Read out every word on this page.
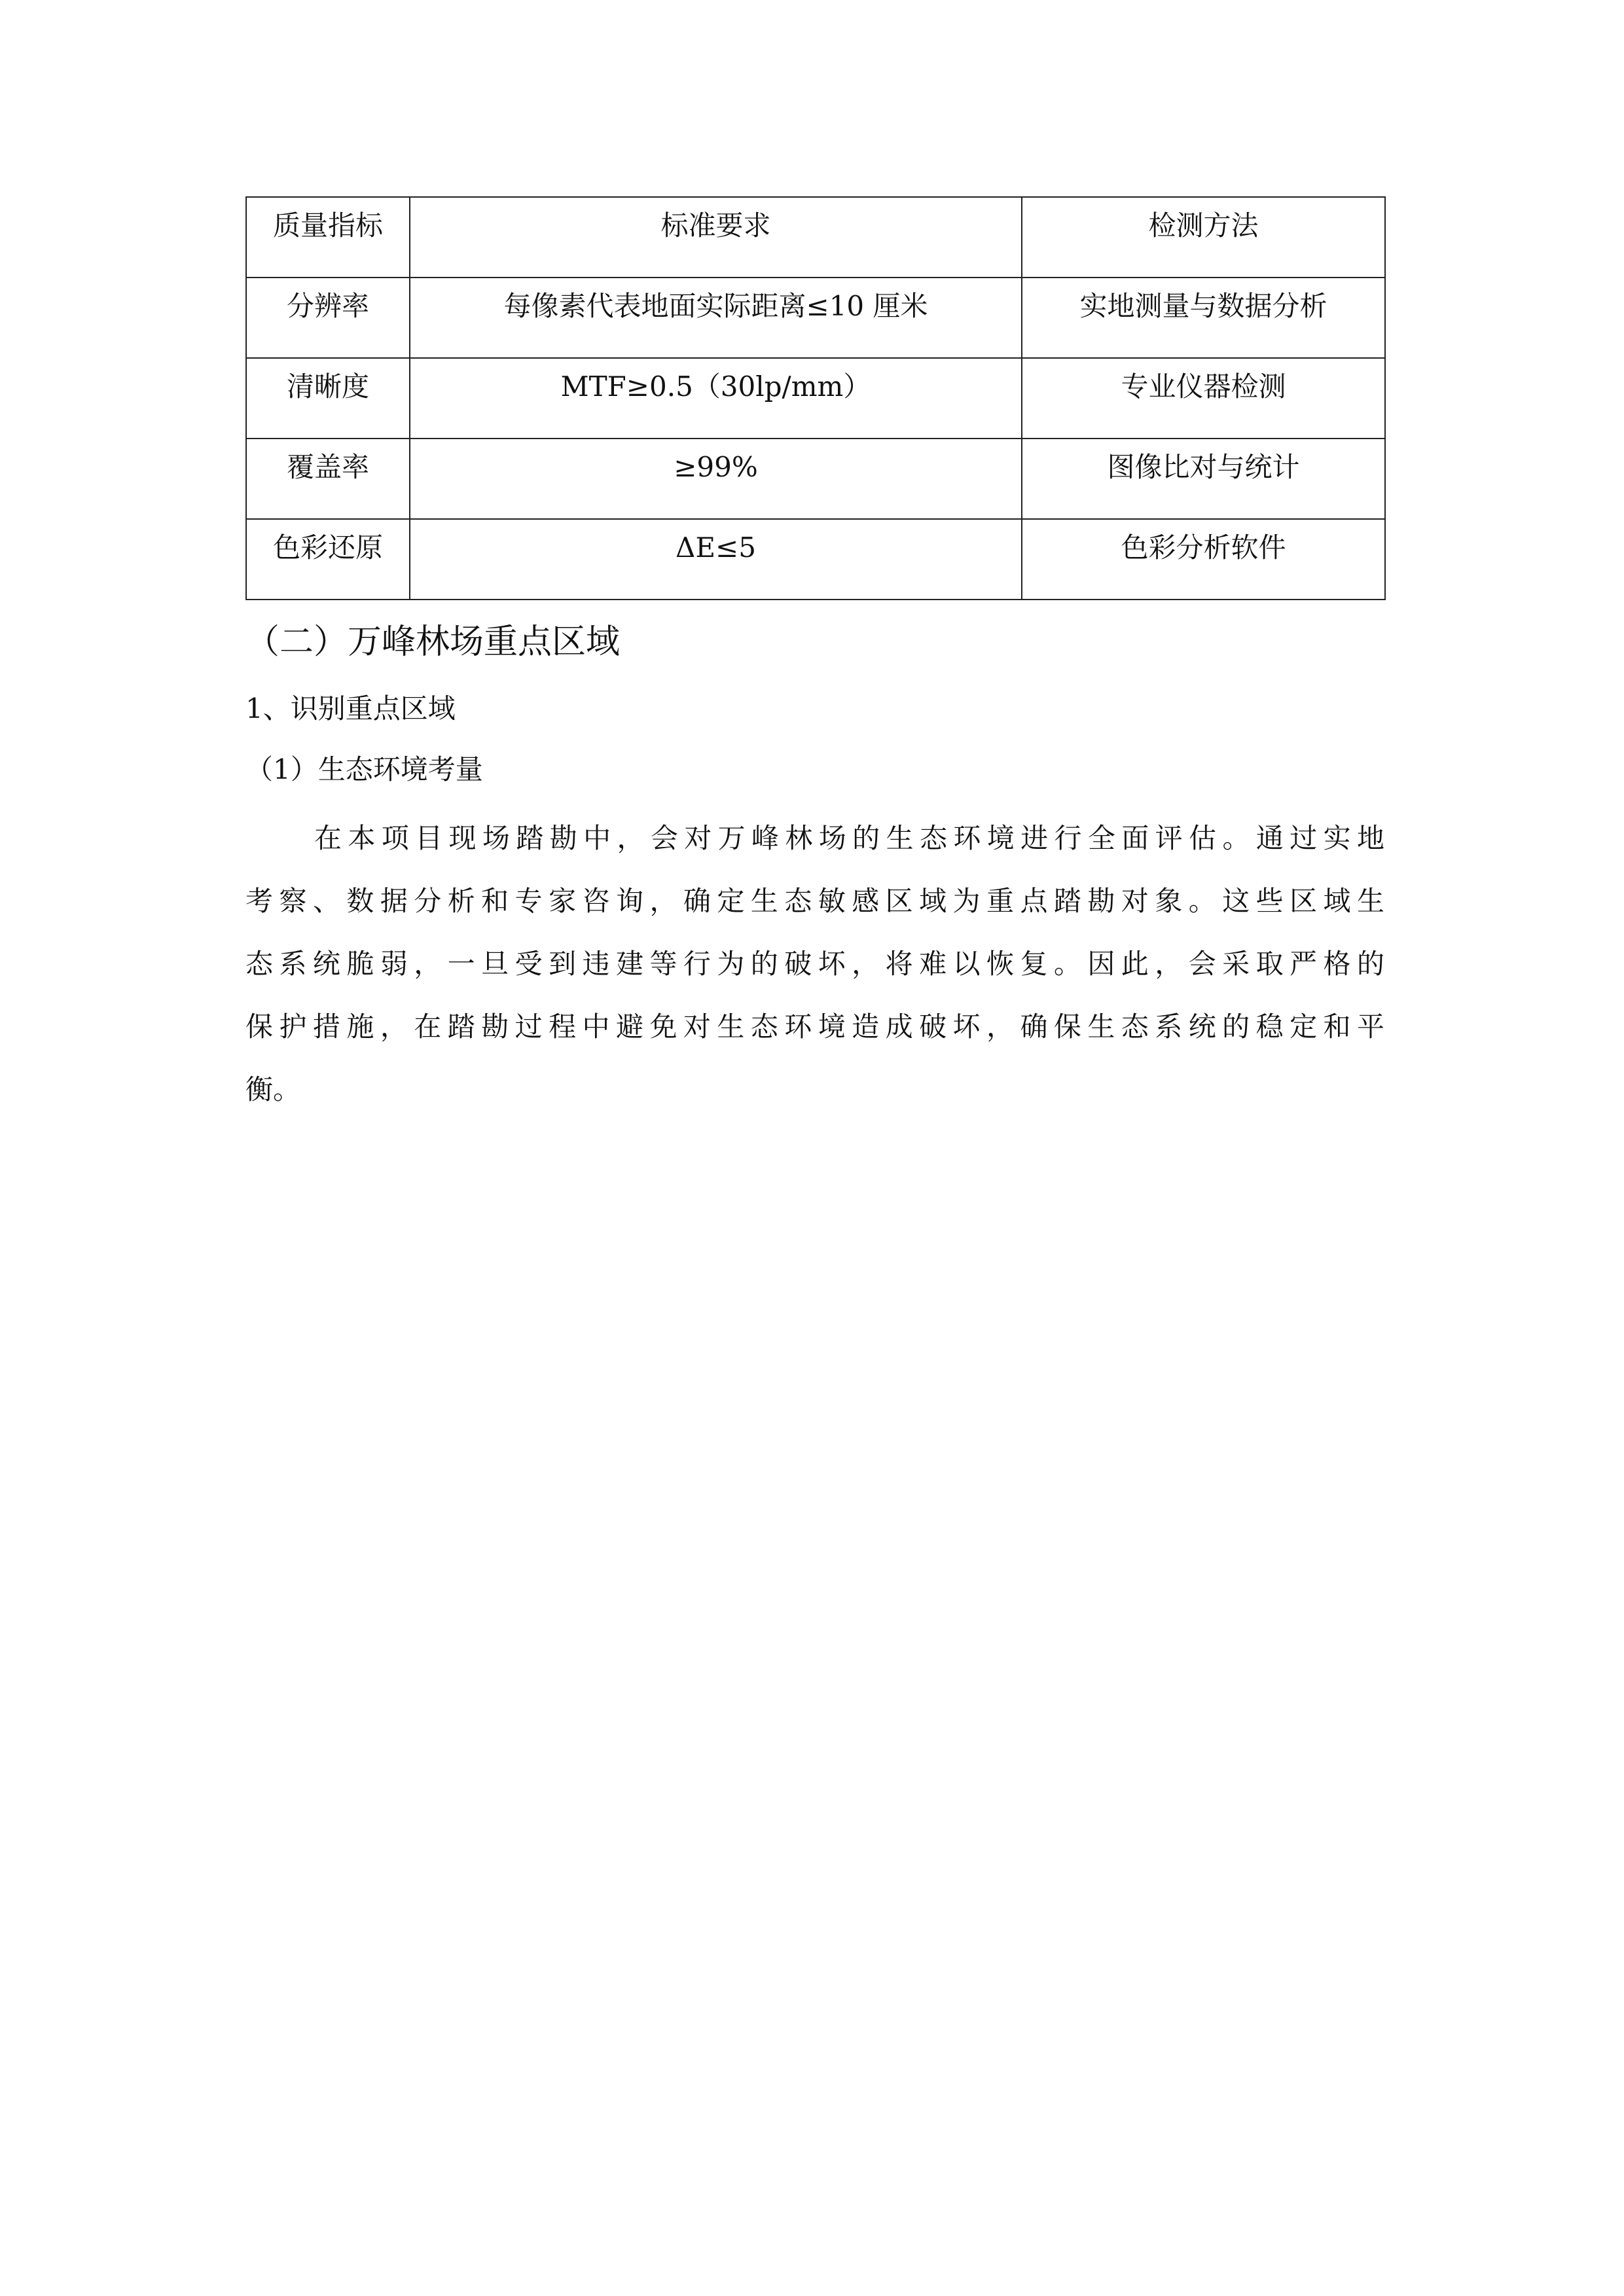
质量指标	标准要求	检测方法

分辨率	每像素代表地面实际距离≤10 厘米	实地测量与数据分析

清晰度	MTF≥0.5（30lp/mm）	专业仪器检测

覆盖率	≥99%	图像比对与统计

色彩还原	ΔE≤5	色彩分析软件
（二）万峰林场重点区域
1、识别重点区域
（1）生态环境考量
在本项目现场踏勘中，会对万峰林场的生态环境进行全面评估。通过实地
考察、数据分析和专家咨询，确定生态敏感区域为重点踏勘对象。这些区域生
态系统脆弱，一旦受到违建等行为的破坏，将难以恢复。因此，会采取严格的
保护措施，在踏勘过程中避免对生态环境造成破坏，确保生态系统的稳定和平
衡。
